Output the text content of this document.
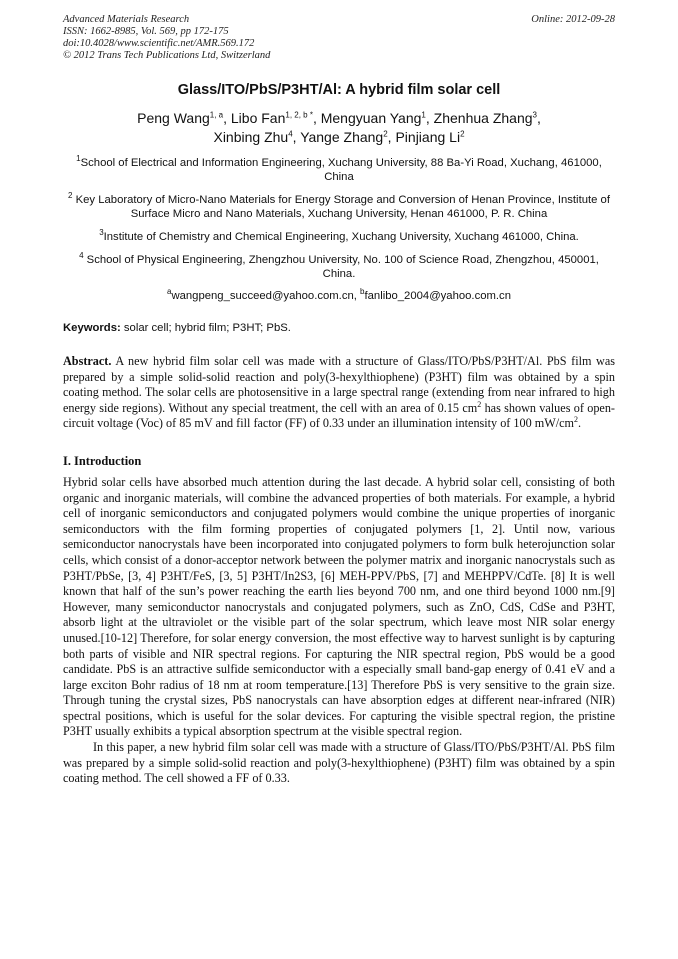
Advanced Materials Research
ISSN: 1662-8985, Vol. 569, pp 172-175
doi:10.4028/www.scientific.net/AMR.569.172
© 2012 Trans Tech Publications Ltd, Switzerland
Online: 2012-09-28
Glass/ITO/PbS/P3HT/Al: A hybrid film solar cell
Peng Wang$^{1, a}$, Libo Fan$^{1, 2, b *}$, Mengyuan Yang$^1$, Zhenhua Zhang$^3$,
Xinbing Zhu$^4$, Yange Zhang$^2$, Pinjiang Li$^2$
$^1$School of Electrical and Information Engineering, Xuchang University, 88 Ba-Yi Road, Xuchang, 461000, China
$^2$ Key Laboratory of Micro-Nano Materials for Energy Storage and Conversion of Henan Province, Institute of Surface Micro and Nano Materials, Xuchang University, Henan 461000, P. R. China
$^3$Institute of Chemistry and Chemical Engineering, Xuchang University, Xuchang 461000, China.
$^4$ School of Physical Engineering, Zhengzhou University, No. 100 of Science Road, Zhengzhou, 450001, China.
$^a$wangpeng_succeed@yahoo.com.cn, $^b$fanlibo_2004@yahoo.com.cn
Keywords: solar cell; hybrid film; P3HT; PbS.
Abstract. A new hybrid film solar cell was made with a structure of Glass/ITO/PbS/P3HT/Al. PbS film was prepared by a simple solid-solid reaction and poly(3-hexylthiophene) (P3HT) film was obtained by a spin coating method. The solar cells are photosensitive in a large spectral range (extending from near infrared to high energy side regions). Without any special treatment, the cell with an area of 0.15 $cm^2$ has shown values of open-circuit voltage (Voc) of 85 mV and fill factor (FF) of 0.33 under an illumination intensity of 100 $mW/cm^2$.
I. Introduction
Hybrid solar cells have absorbed much attention during the last decade. A hybrid solar cell, consisting of both organic and inorganic materials, will combine the advanced properties of both materials. For example, a hybrid cell of inorganic semiconductors and conjugated polymers would combine the unique properties of inorganic semiconductors with the film forming properties of conjugated polymers [1, 2]. Until now, various semiconductor nanocrystals have been incorporated into conjugated polymers to form bulk heterojunction solar cells, which consist of a donor-acceptor network between the polymer matrix and inorganic nanocrystals such as P3HT/PbSe, [3, 4] P3HT/FeS, [3, 5] P3HT/In2S3, [6] MEH-PPV/PbS, [7] and MEHPPV/CdTe. [8] It is well known that half of the sun’s power reaching the earth lies beyond 700 nm, and one third beyond 1000 nm.[9] However, many semiconductor nanocrystals and conjugated polymers, such as ZnO, CdS, CdSe and P3HT, absorb light at the ultraviolet or the visible part of the solar spectrum, which leave most NIR solar energy unused.[10-12] Therefore, for solar energy conversion, the most effective way to harvest sunlight is by capturing both parts of visible and NIR spectral regions. For capturing the NIR spectral region, PbS would be a good candidate. PbS is an attractive sulfide semiconductor with a especially small band-gap energy of 0.41 eV and a large exciton Bohr radius of 18 nm at room temperature.[13] Therefore PbS is very sensitive to the grain size. Through tuning the crystal sizes, PbS nanocrystals can have absorption edges at different near-infrared (NIR) spectral positions, which is useful for the solar devices. For capturing the visible spectral region, the pristine P3HT usually exhibits a typical absorption spectrum at the visible spectral region.
In this paper, a new hybrid film solar cell was made with a structure of Glass/ITO/PbS/P3HT/Al. PbS film was prepared by a simple solid-solid reaction and poly(3-hexylthiophene) (P3HT) film was obtained by a spin coating method. The cell showed a FF of 0.33.
